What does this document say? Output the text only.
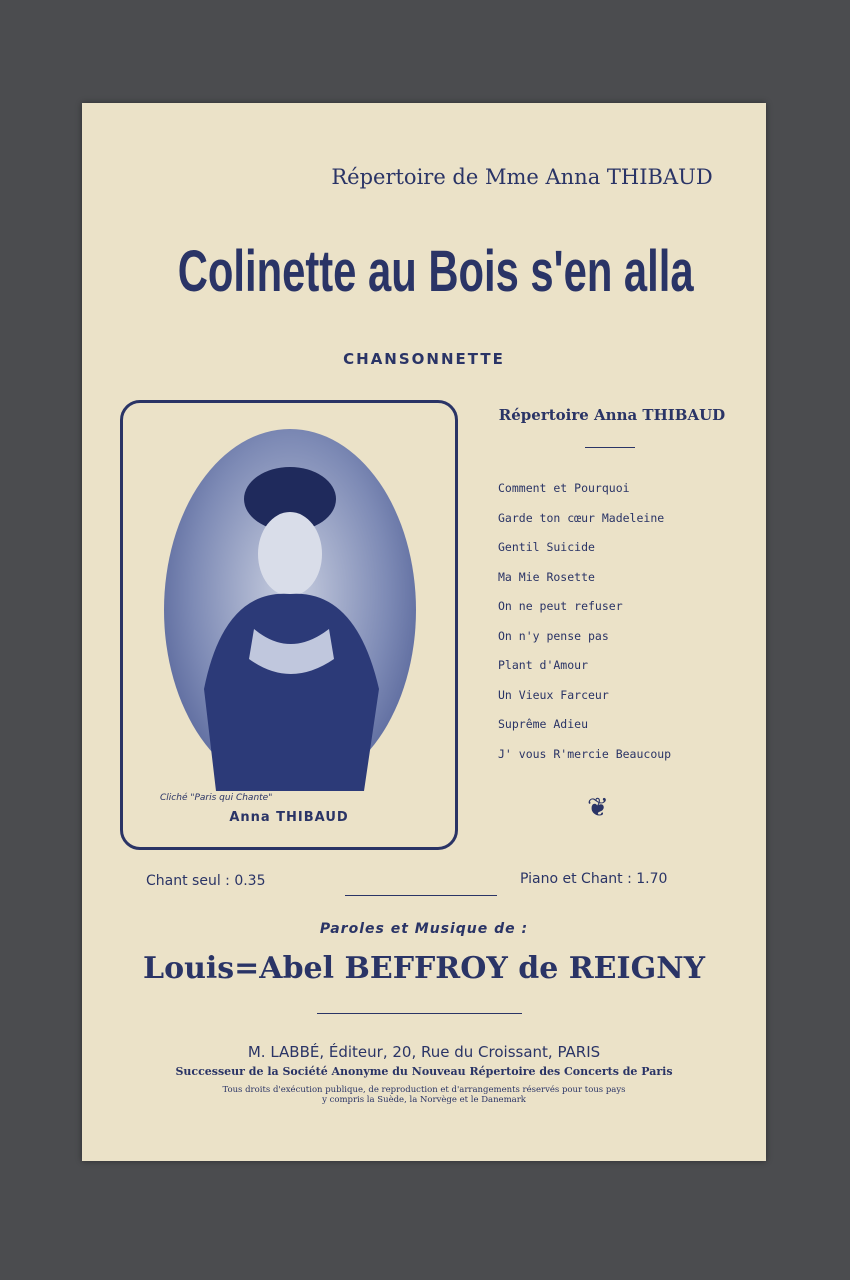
Répertoire de Mme Anna THIBAUD
Colinette au Bois s'en alla
CHANSONNETTE
Cliché "Paris qui Chante"
Anna THIBAUD
Répertoire Anna THIBAUD
Comment et Pourquoi
Garde ton cœur Madeleine
Gentil Suicide
Ma Mie Rosette
On ne peut refuser
On n'y pense pas
Plant d'Amour
Un Vieux Farceur
Suprême Adieu
J' vous R'mercie Beaucoup
❦
Chant seul : 0.35	Piano et Chant : 1.70
Paroles et Musique de :
Louis=Abel BEFFROY de REIGNY
M. LABBÉ, Éditeur, 20, Rue du Croissant, PARIS
Successeur de la Société Anonyme du Nouveau Répertoire des Concerts de Paris
Tous droits d'exécution publique, de reproduction et d'arrangements réservés pour tous pays
y compris la Suède, la Norvège et le Danemark
